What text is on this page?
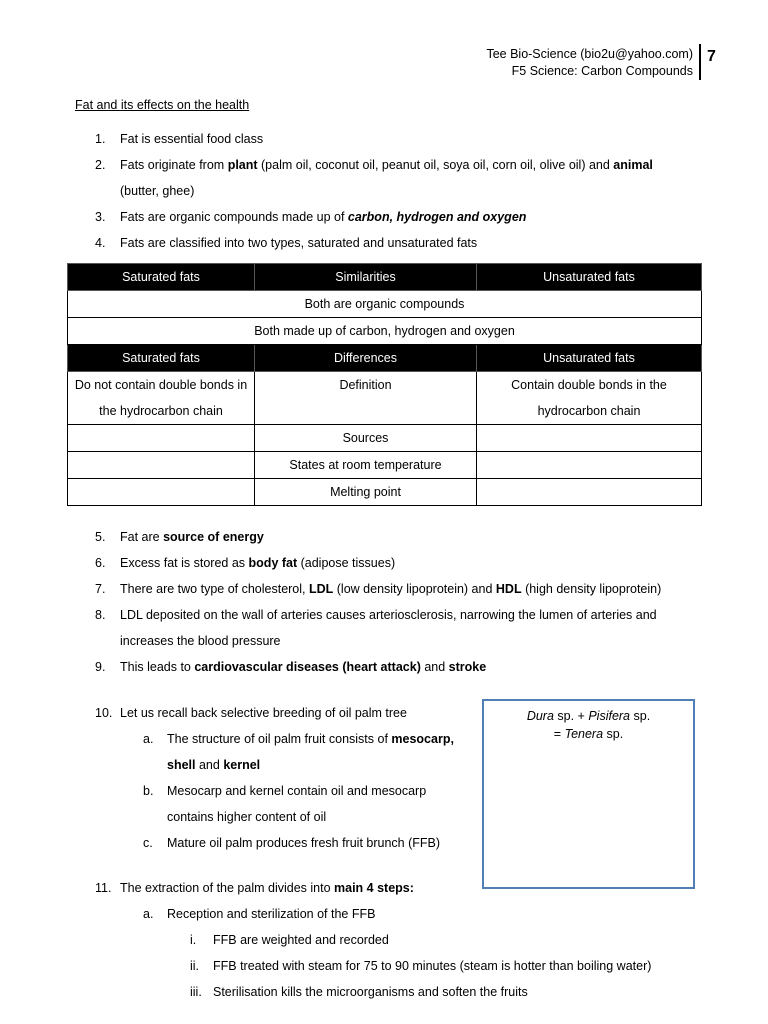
Tee Bio-Science (bio2u@yahoo.com)
F5 Science: Carbon Compounds
7
Fat and its effects on the health
1. Fat is essential food class
2. Fats originate from plant (palm oil, coconut oil, peanut oil, soya oil, corn oil, olive oil) and animal
(butter, ghee)
3. Fats are organic compounds made up of carbon, hydrogen and oxygen
4. Fats are classified into two types, saturated and unsaturated fats
5. Fat are source of energy
6. Excess fat is stored as body fat (adipose tissues)
7. There are two type of cholesterol, LDL (low density lipoprotein) and HDL (high density lipoprotein)
8. LDL deposited on the wall of arteries causes arteriosclerosis, narrowing the lumen of arteries and
increases the blood pressure
9. This leads to cardiovascular diseases (heart attack) and stroke
10. Let us recall back selective breeding of oil palm tree
a. The structure of oil palm fruit consists of mesocarp,
shell and kernel
b. Mesocarp and kernel contain oil and mesocarp
contains higher content of oil
c. Mature oil palm produces fresh fruit brunch (FFB)
11. The extraction of the palm divides into main 4 steps:
a. Reception and sterilization of the FFB
i. FFB are weighted and recorded
ii. FFB treated with steam for 75 to 90 minutes (steam is hotter than boiling water)
iii. Sterilisation kills the microorganisms and soften the fruits
Saturated fats	Similarities	Unsaturated fats
Both are organic compounds		
Both made up of carbon, hydrogen and oxygen		
Saturated fats	Differences	Unsaturated fats
Do not contain double bonds in the hydrocarbon chain	Definition	Contain double bonds in the hydrocarbon chain
	Sources	
	States at room temperature	
	Melting point	
Dura sp. + Pisifera sp.
= Tenera sp.
